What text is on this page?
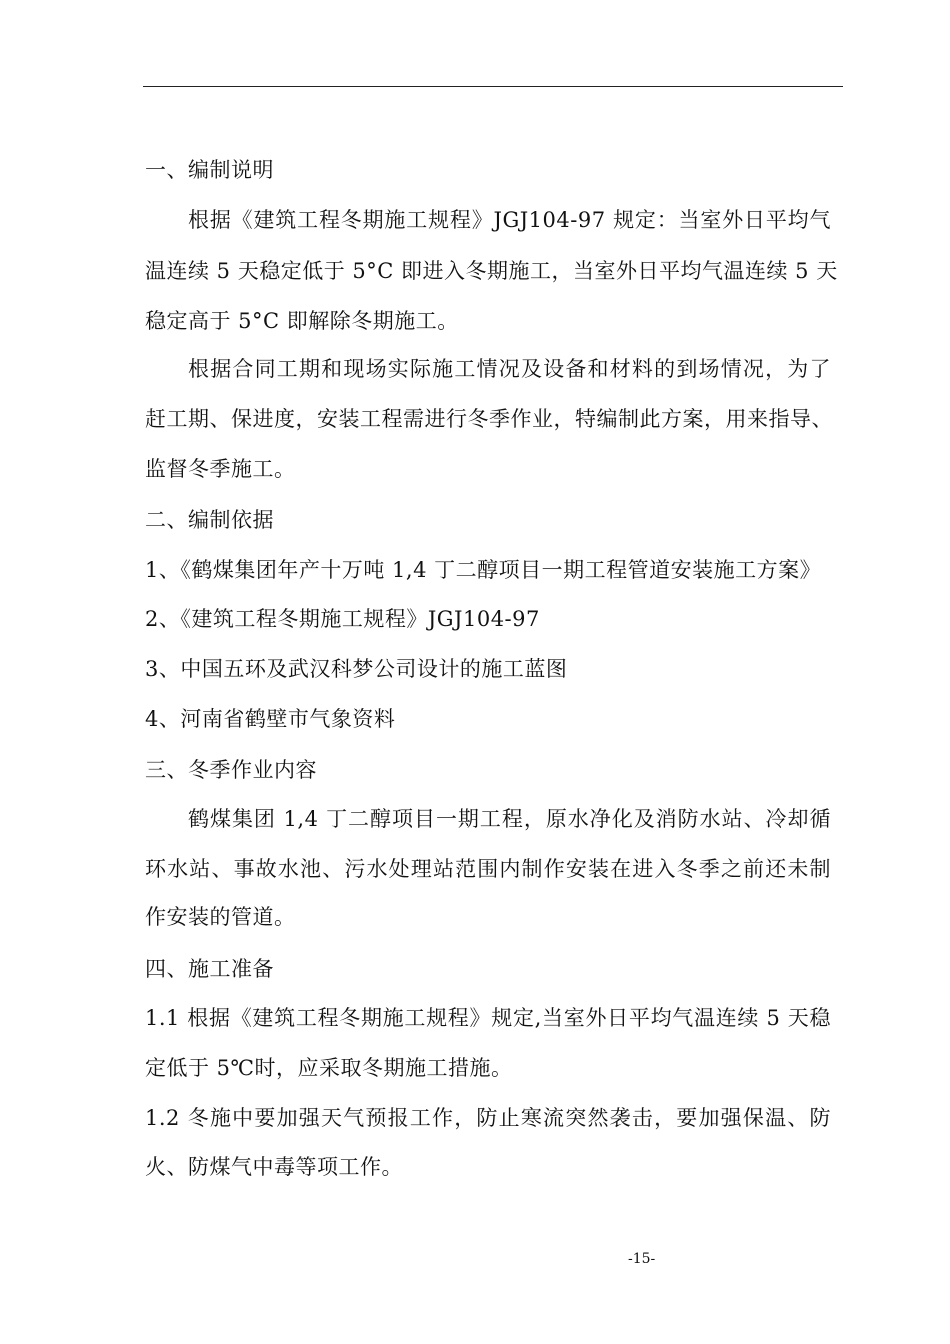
一、编制说明
根据《建筑工程冬期施工规程》JGJ104-97 规定：当室外日平均气
温连续 5 天稳定低于 5°C 即进入冬期施工，当室外日平均气温连续 5 天
稳定高于 5°C 即解除冬期施工。
根据合同工期和现场实际施工情况及设备和材料的到场情况，为了
赶工期、保进度，安装工程需进行冬季作业，特编制此方案，用来指导、
监督冬季施工。
二、编制依据
1、《鹤煤集团年产十万吨 1,4 丁二醇项目一期工程管道安装施工方案》
2、《建筑工程冬期施工规程》JGJ104-97
3、中国五环及武汉科梦公司设计的施工蓝图
4、河南省鹤壁市气象资料
三、冬季作业内容
鹤煤集团 1,4 丁二醇项目一期工程，原水净化及消防水站、冷却循
环水站、事故水池、污水处理站范围内制作安装在进入冬季之前还未制
作安装的管道。
四、施工准备
1.1 根据《建筑工程冬期施工规程》规定,当室外日平均气温连续 5 天稳
定低于 5℃时，应采取冬期施工措施。
1.2 冬施中要加强天气预报工作，防止寒流突然袭击，要加强保温、防
火、防煤气中毒等项工作。
-15-
